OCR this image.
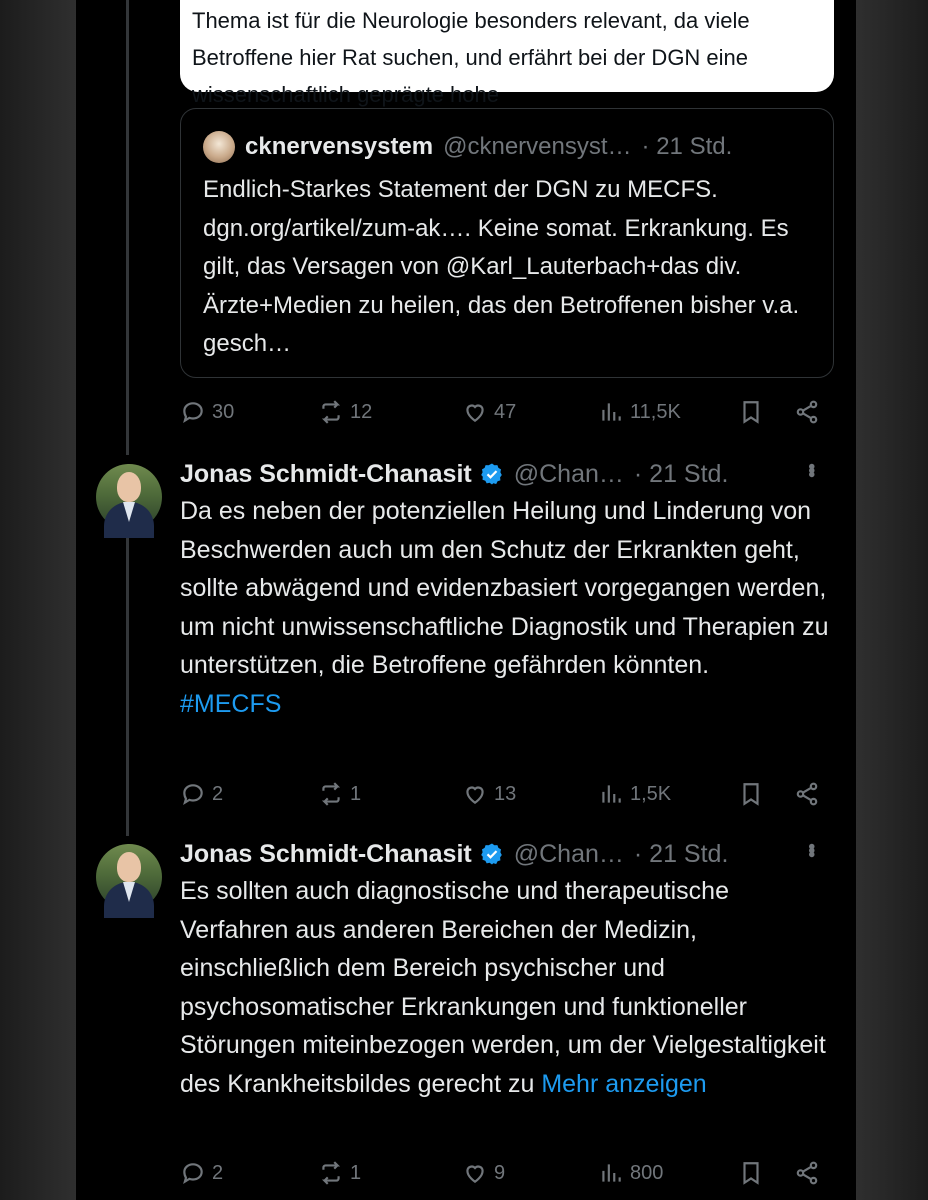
Thema ist für die Neurologie besonders relevant, da viele Betroffene hier Rat suchen, und erfährt bei der DGN eine wissenschaftlich geprägte hohe

cknervensystem @cknervensyst… · 21 Std.

Endlich-Starkes Statement der DGN zu MECFS. dgn.org/artikel/zum-ak…. Keine somat. Erkrankung. Es gilt, das Versagen von @Karl_Lauterbach+das div. Ärzte+Medien zu heilen, das den Betroffenen bisher v.a. gesch…

30	12	47	11,5K
Jonas Schmidt-Chanasit @Chan… · 21 Std.	•••

Da es neben der potenziellen Heilung und Linderung von Beschwerden auch um den Schutz der Erkrankten geht, sollte abwägend und evidenzbasiert vorgegangen werden, um nicht unwissenschaftliche Diagnostik und Therapien zu unterstützen, die Betroffene gefährden könnten.
#MECFS

2	1	13	1,5K
Jonas Schmidt-Chanasit @Chan… · 21 Std.	•••

Es sollten auch diagnostische und therapeutische Verfahren aus anderen Bereichen der Medizin, einschließlich dem Bereich psychischer und psychosomatischer Erkrankungen und funktioneller Störungen miteinbezogen werden, um der Vielgestaltigkeit des Krankheitsbildes gerecht zu Mehr anzeigen

2	1	9	800
